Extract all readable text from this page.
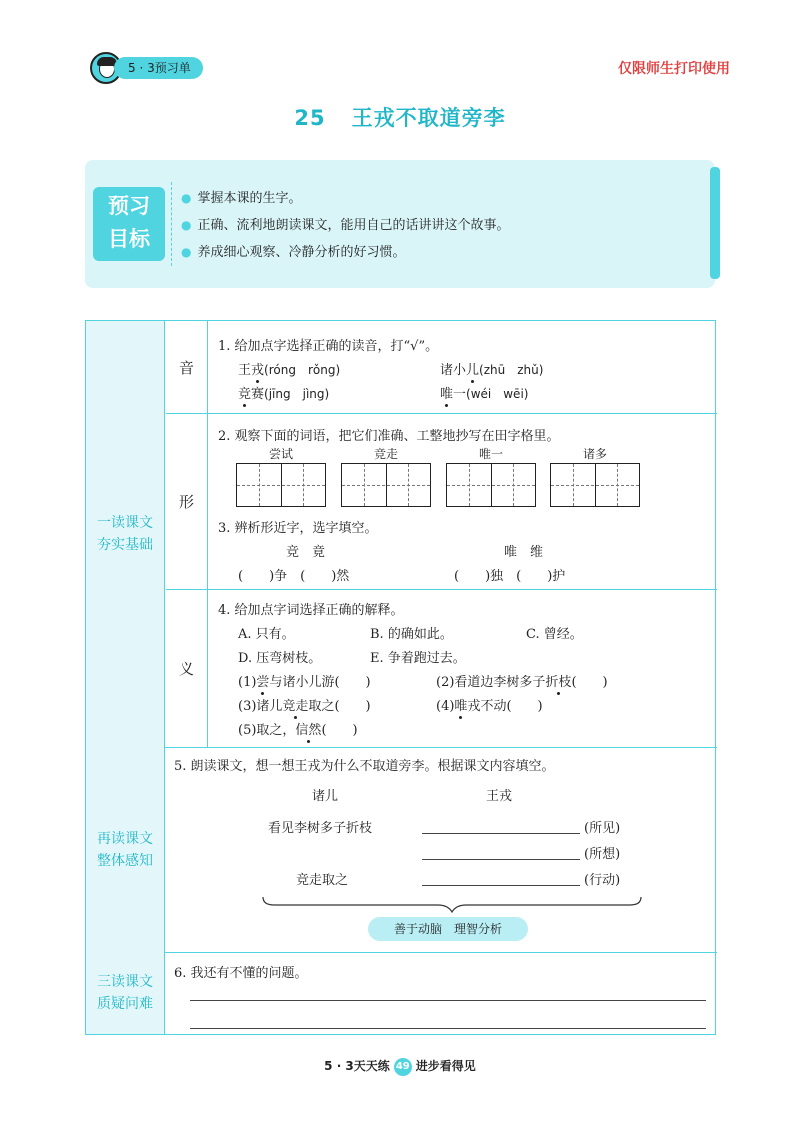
5 · 3预习单	仅限师生打印使用
25 王戎不取道旁李
预习
目标
● 掌握本课的生字。
● 正确、流利地朗读课文，能用自己的话讲讲这个故事。
● 养成细心观察、冷静分析的好习惯。
一读课文
夯实基础
音
1. 给加点字选择正确的读音，打“√”。
王戎(róng　rǒng)	诸小儿(zhū　zhǔ)
竞赛(jīng　jìng)	唯一(wéi　wēi)
形
2. 观察下面的词语，把它们准确、工整地抄写在田字格里。
尝试	竞走	唯一	诸多
3. 辨析形近字，选字填空。
竞　竟	唯　维
(　　)争　(　　)然	(　　)独　(　　)护
义
4. 给加点字词选择正确的解释。
A. 只有。	B. 的确如此。	C. 曾经。
D. 压弯树枝。	E. 争着跑过去。
(1)尝与诸小儿游(　　)	(2)看道边李树多子折枝(　　)
(3)诸儿竞走取之(　　)	(4)唯戎不动(　　)
(5)取之，信然(　　)
再读课文
整体感知
5. 朗读课文，想一想王戎为什么不取道旁李。根据课文内容填空。
诸儿	王戎
看见李树多子折枝	(所见)
(所想)
竞走取之	(行动)
善于动脑　理智分析
三读课文
质疑问难
6. 我还有不懂的问题。
5 · 3天天练 49 进步看得见
